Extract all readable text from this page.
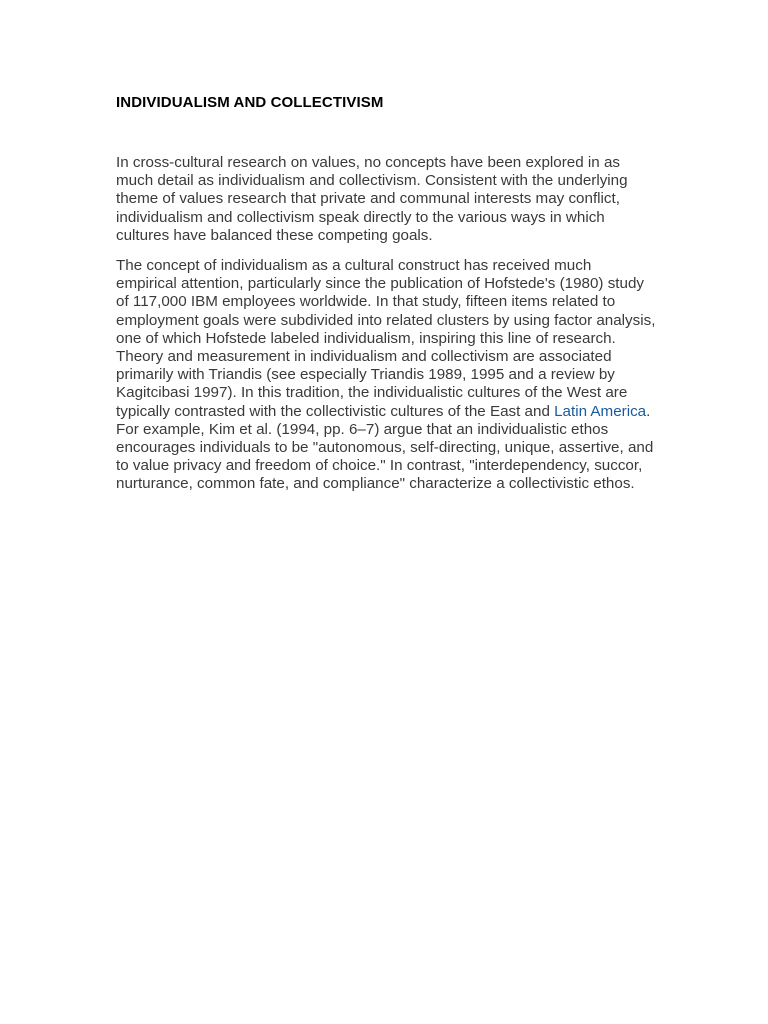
INDIVIDUALISM AND COLLECTIVISM

In cross-cultural research on values, no concepts have been explored in as much detail as individualism and collectivism. Consistent with the underlying theme of values research that private and communal interests may conflict, individualism and collectivism speak directly to the various ways in which cultures have balanced these competing goals.

The concept of individualism as a cultural construct has received much empirical attention, particularly since the publication of Hofstede's (1980) study of 117,000 IBM employees worldwide. In that study, fifteen items related to employment goals were subdivided into related clusters by using factor analysis, one of which Hofstede labeled individualism, inspiring this line of research. Theory and measurement in individualism and collectivism are associated primarily with Triandis (see especially Triandis 1989, 1995 and a review by Kagitcibasi 1997). In this tradition, the individualistic cultures of the West are typically contrasted with the collectivistic cultures of the East and Latin America. For example, Kim et al. (1994, pp. 6–7) argue that an individualistic ethos encourages individuals to be "autonomous, self-directing, unique, assertive, and to value privacy and freedom of choice." In contrast, "interdependency, succor, nurturance, common fate, and compliance" characterize a collectivistic ethos.
